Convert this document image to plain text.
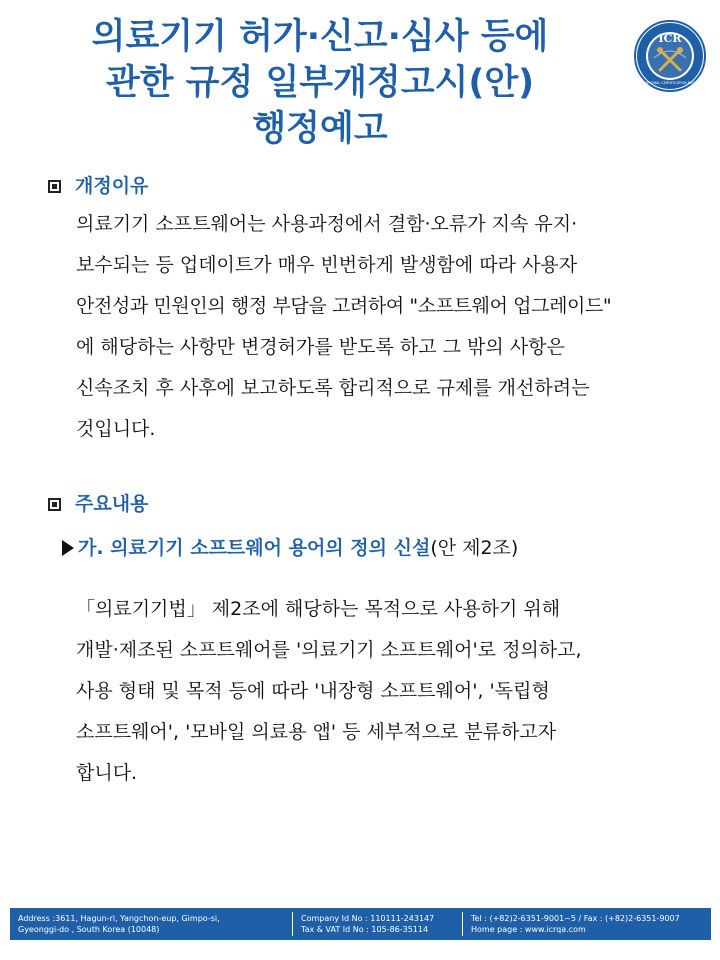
의료기기 허가·신고·심사 등에
관한 규정 일부개정고시(안)
행정예고
ICR
INTERNATIONAL CERTIFICATION REGISTRAR
개정이유
의료기기 소프트웨어는 사용과정에서 결함·오류가 지속 유지·
보수되는 등 업데이트가 매우 빈번하게 발생함에 따라 사용자
안전성과 민원인의 행정 부담을 고려하여 "소프트웨어 업그레이드"
에 해당하는 사항만 변경허가를 받도록 하고 그 밖의 사항은
신속조치 후 사후에 보고하도록 합리적으로 규제를 개선하려는
것입니다.
주요내용
가. 의료기기 소프트웨어 용어의 정의 신설(안 제2조)
「의료기기법」 제2조에 해당하는 목적으로 사용하기 위해
개발·제조된 소프트웨어를 '의료기기 소프트웨어'로 정의하고,
사용 형태 및 목적 등에 따라 '내장형 소프트웨어', '독립형
소프트웨어', '모바일 의료용 앱' 등 세부적으로 분류하고자
합니다.
Address :3611, Hagun-ri, Yangchon-eup, Gimpo-si,
Gyeonggi-do , South Korea (10048)
Company Id No : 110111-243147
Tax & VAT Id No : 105-86-35114
Tel : (+82)2-6351-9001~5 / Fax : (+82)2-6351-9007
Home page : www.icrqa.com
